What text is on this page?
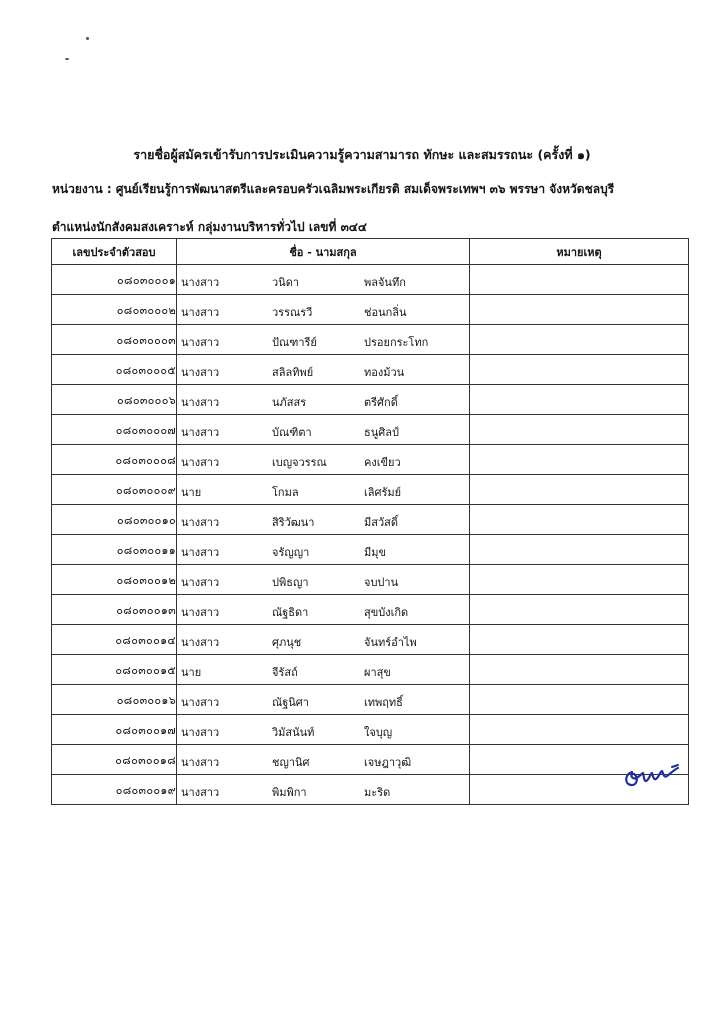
รายชื่อผู้สมัครเข้ารับการประเมินความรู้ความสามารถ ทักษะ และสมรรถนะ (ครั้งที่ ๑)
หน่วยงาน : ศูนย์เรียนรู้การพัฒนาสตรีและครอบครัวเฉลิมพระเกียรติ สมเด็จพระเทพฯ ๓๖ พรรษา จังหวัดชลบุรี
ตำแหน่งนักสังคมสงเคราะห์ กลุ่มงานบริหารทั่วไป เลขที่ ๓๔๔
เลขประจำตัวสอบ	ชื่อ - นามสกุล	หมายเหตุ
๐๘๐๓๐๐๐๑	นางสาว วนิดา พลจันทึก	

๐๘๐๓๐๐๐๒	นางสาว วรรณรวี ช่อนกลิ่น	

๐๘๐๓๐๐๐๓	นางสาว ปัณฑารีย์ ปรอยกระโทก	

๐๘๐๓๐๐๐๕	นางสาว สลิลทิพย์ ทองม้วน	

๐๘๐๓๐๐๐๖	นางสาว นภัสสร ตรีศักดิ์	

๐๘๐๓๐๐๐๗	นางสาว บัณฑิตา ธนูศิลป์	

๐๘๐๓๐๐๐๘	นางสาว เบญจวรรณ คงเขียว	

๐๘๐๓๐๐๐๙	นาย โกมล เลิศรัมย์	

๐๘๐๓๐๐๑๐	นางสาว สิริวัฒนา มีสวัสดิ์	

๐๘๐๓๐๐๑๑	นางสาว จรัญญา มีมุข	

๐๘๐๓๐๐๑๒	นางสาว ปพิธญา จบปาน	

๐๘๐๓๐๐๑๓	นางสาว ณัฐธิดา สุขบังเกิด	

๐๘๐๓๐๐๑๔	นางสาว ศุภนุช จันทร์อำไพ	

๐๘๐๓๐๐๑๕	นาย จีรัสถ์ ผาสุข	

๐๘๐๓๐๐๑๖	นางสาว ณัฐนิศา เทพฤทธิ์	

๐๘๐๓๐๐๑๗	นางสาว วิมัสนันท์ ใจบุญ	

๐๘๐๓๐๐๑๘	นางสาว ชญานิศ เจษฎาวุฒิ	

๐๘๐๓๐๐๑๙	นางสาว พิมพิกา มะริด	
